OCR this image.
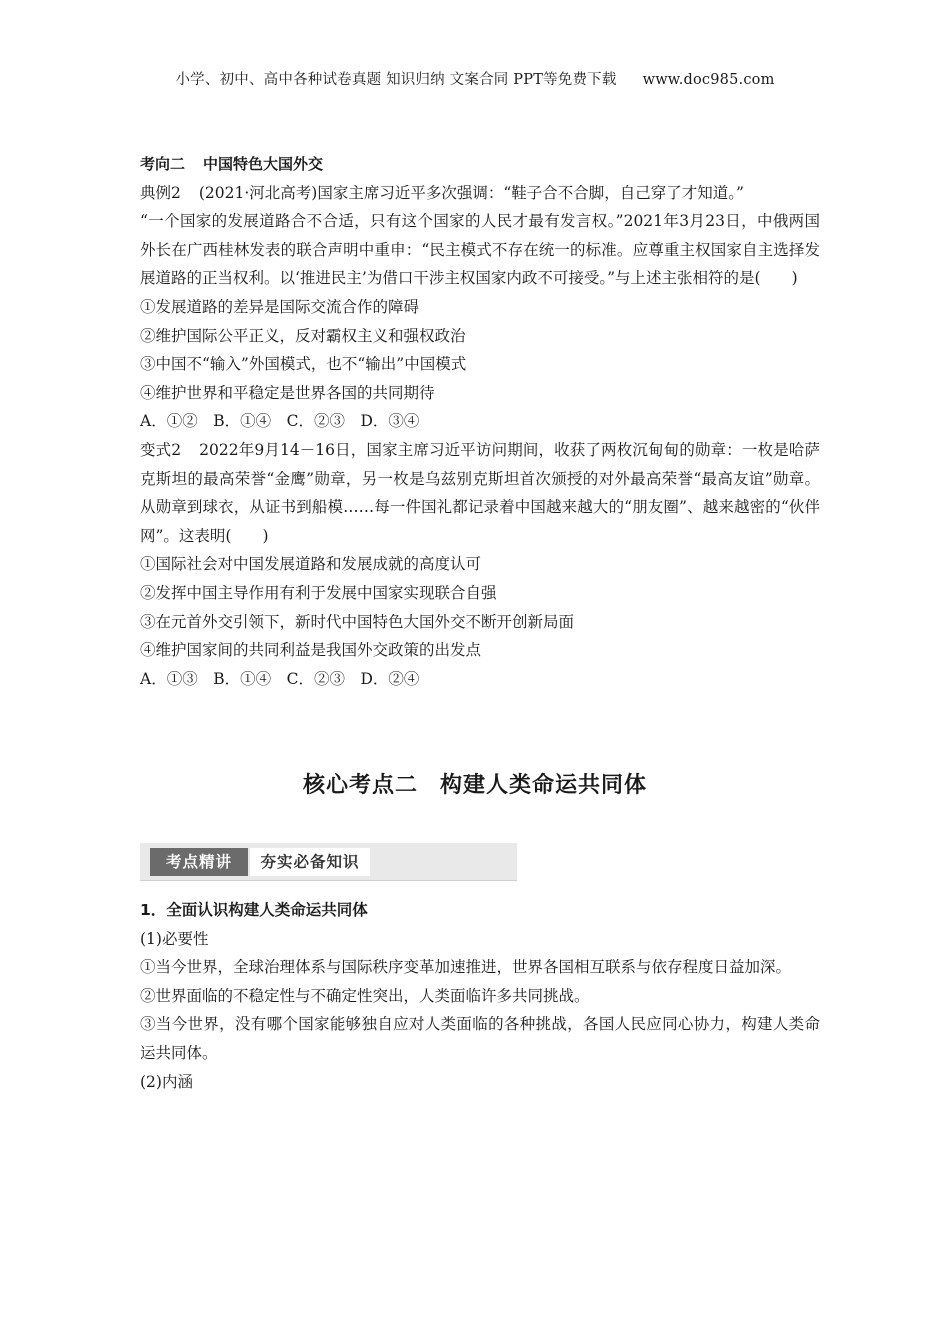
小学、初中、高中各种试卷真题 知识归纳 文案合同 PPT等免费下载 www.doc985.com

考向二 中国特色大国外交

典例2 (2021·河北高考)国家主席习近平多次强调：“鞋子合不合脚，自己穿了才知道。”

“一个国家的发展道路合不合适，只有这个国家的人民才最有发言权。”2021年3月23日，中俄两国外长在广西桂林发表的联合声明中重申：“民主模式不存在统一的标准。应尊重主权国家自主选择发展道路的正当权利。以‘推进民主’为借口干涉主权国家内政不可接受。”与上述主张相符的是(　　)

①发展道路的差异是国际交流合作的障碍

②维护国际公平正义，反对霸权主义和强权政治

③中国不“输入”外国模式，也不“输出”中国模式

④维护世界和平稳定是世界各国的共同期待

A．①②　B．①④　C．②③　D．③④

变式2 2022年9月14－16日，国家主席习近平访问期间，收获了两枚沉甸甸的勋章：一枚是哈萨克斯坦的最高荣誉“金鹰”勋章，另一枚是乌兹别克斯坦首次颁授的对外最高荣誉“最高友谊”勋章。从勋章到球衣，从证书到船模……每一件国礼都记录着中国越来越大的“朋友圈”、越来越密的“伙伴网”。这表明(　　)

①国际社会对中国发展道路和发展成就的高度认可

②发挥中国主导作用有利于发展中国家实现联合自强

③在元首外交引领下，新时代中国特色大国外交不断开创新局面

④维护国家间的共同利益是我国外交政策的出发点

A．①③　B．①④　C．②③　D．②④

核心考点二 构建人类命运共同体
考点精讲	夯实必备知识

1．全面认识构建人类命运共同体

(1)必要性

①当今世界，全球治理体系与国际秩序变革加速推进，世界各国相互联系与依存程度日益加深。

②世界面临的不稳定性与不确定性突出，人类面临许多共同挑战。

③当今世界，没有哪个国家能够独自应对人类面临的各种挑战，各国人民应同心协力，构建人类命运共同体。

(2)内涵
